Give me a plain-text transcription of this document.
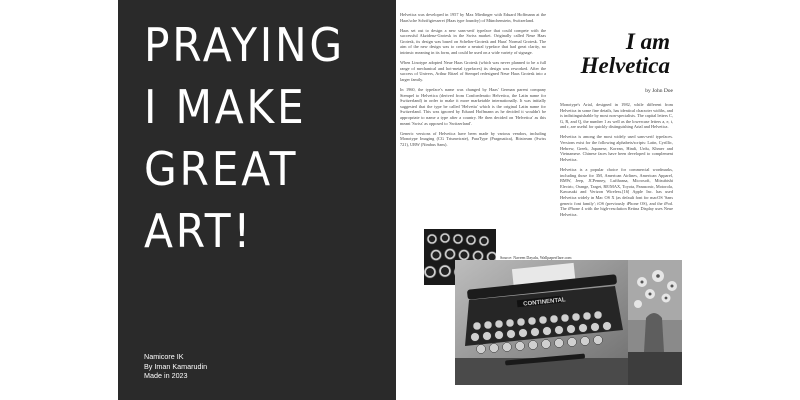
PRAYING
I MAKE
GREAT
ART!
Namicore IK
By Iman Kamarudin
Made in 2023

Helvetica was developed in 1957 by Max Miedinger with Eduard Hoffmann at the Haas'sche Schriftgiesserei (Haas type foundry) of Münchenstein, Switzerland.

Haas set out to design a new sans-serif typeface that could compete with the successful Akzidenz-Grotesk in the Swiss market. Originally called Neue Haas Grotesk, its design was based on Schelter-Grotesk and Haas' Normal Grotesk. The aim of the new design was to create a neutral typeface that had great clarity, no intrinsic meaning in its form, and could be used on a wide variety of signage.

When Linotype adopted Neue Haas Grotesk (which was never planned to be a full range of mechanical and hot-metal typefaces) its design was reworked. After the success of Univers, Arthur Ritzel of Stempel redesigned Neue Haas Grotesk into a larger family.

In 1960, the typeface's name was changed by Haas' German parent company Stempel to Helvetica (derived from Confoederatio Helvetica, the Latin name for Switzerland) in order to make it more marketable internationally. It was initially suggested that the type be called 'Helvetia' which is the original Latin name for Switzerland. This was ignored by Eduard Hoffmann as he decided it wouldn't be appropriate to name a type after a country. He then decided on 'Helvetica' as this meant 'Swiss' as opposed to 'Switzerland'.

Generic versions of Helvetica have been made by various vendors, including Monotype Imaging (CG Triumvirate), ParaType (Pragmatica), Bitstream (Swiss 721), URW (Nimbus Sans).

I am
Helvetica
by John Doe

Monotype's Arial, designed in 1982, while different from Helvetica in some fine details, has identical character widths, and is indistinguishable by most non-specialists. The capital letters C, G, R, and Q, the number 1 as well as the lowercase letters a, e, t, and r, are useful for quickly distinguishing Arial and Helvetica.

Helvetica is among the most widely used sans-serif typefaces. Versions exist for the following alphabets/scripts: Latin, Cyrillic, Hebrew, Greek, Japanese, Korean, Hindi, Urdu, Khmer and Vietnamese. Chinese faces have been developed to complement Helvetica.

Helvetica is a popular choice for commercial wordmarks, including those for 3M, American Airlines, American Apparel, BMW, Jeep, JCPenney, Lufthansa, Microsoft, Mitsubishi Electric, Orange, Target, RE/MAX, Toyota, Panasonic, Motorola, Kawasaki and Verizon Wireless.[16] Apple Inc. has used Helvetica widely in Mac OS X (as default font for macOS 'Sans generic font family'; iOS (previously iPhone OS), and the iPod. The iPhone 4 with the high-resolution Retina Display uses Neue Helvetica.

Source: Naveen Dayalu, Wallpaperflare.com
CONTINENTAL
